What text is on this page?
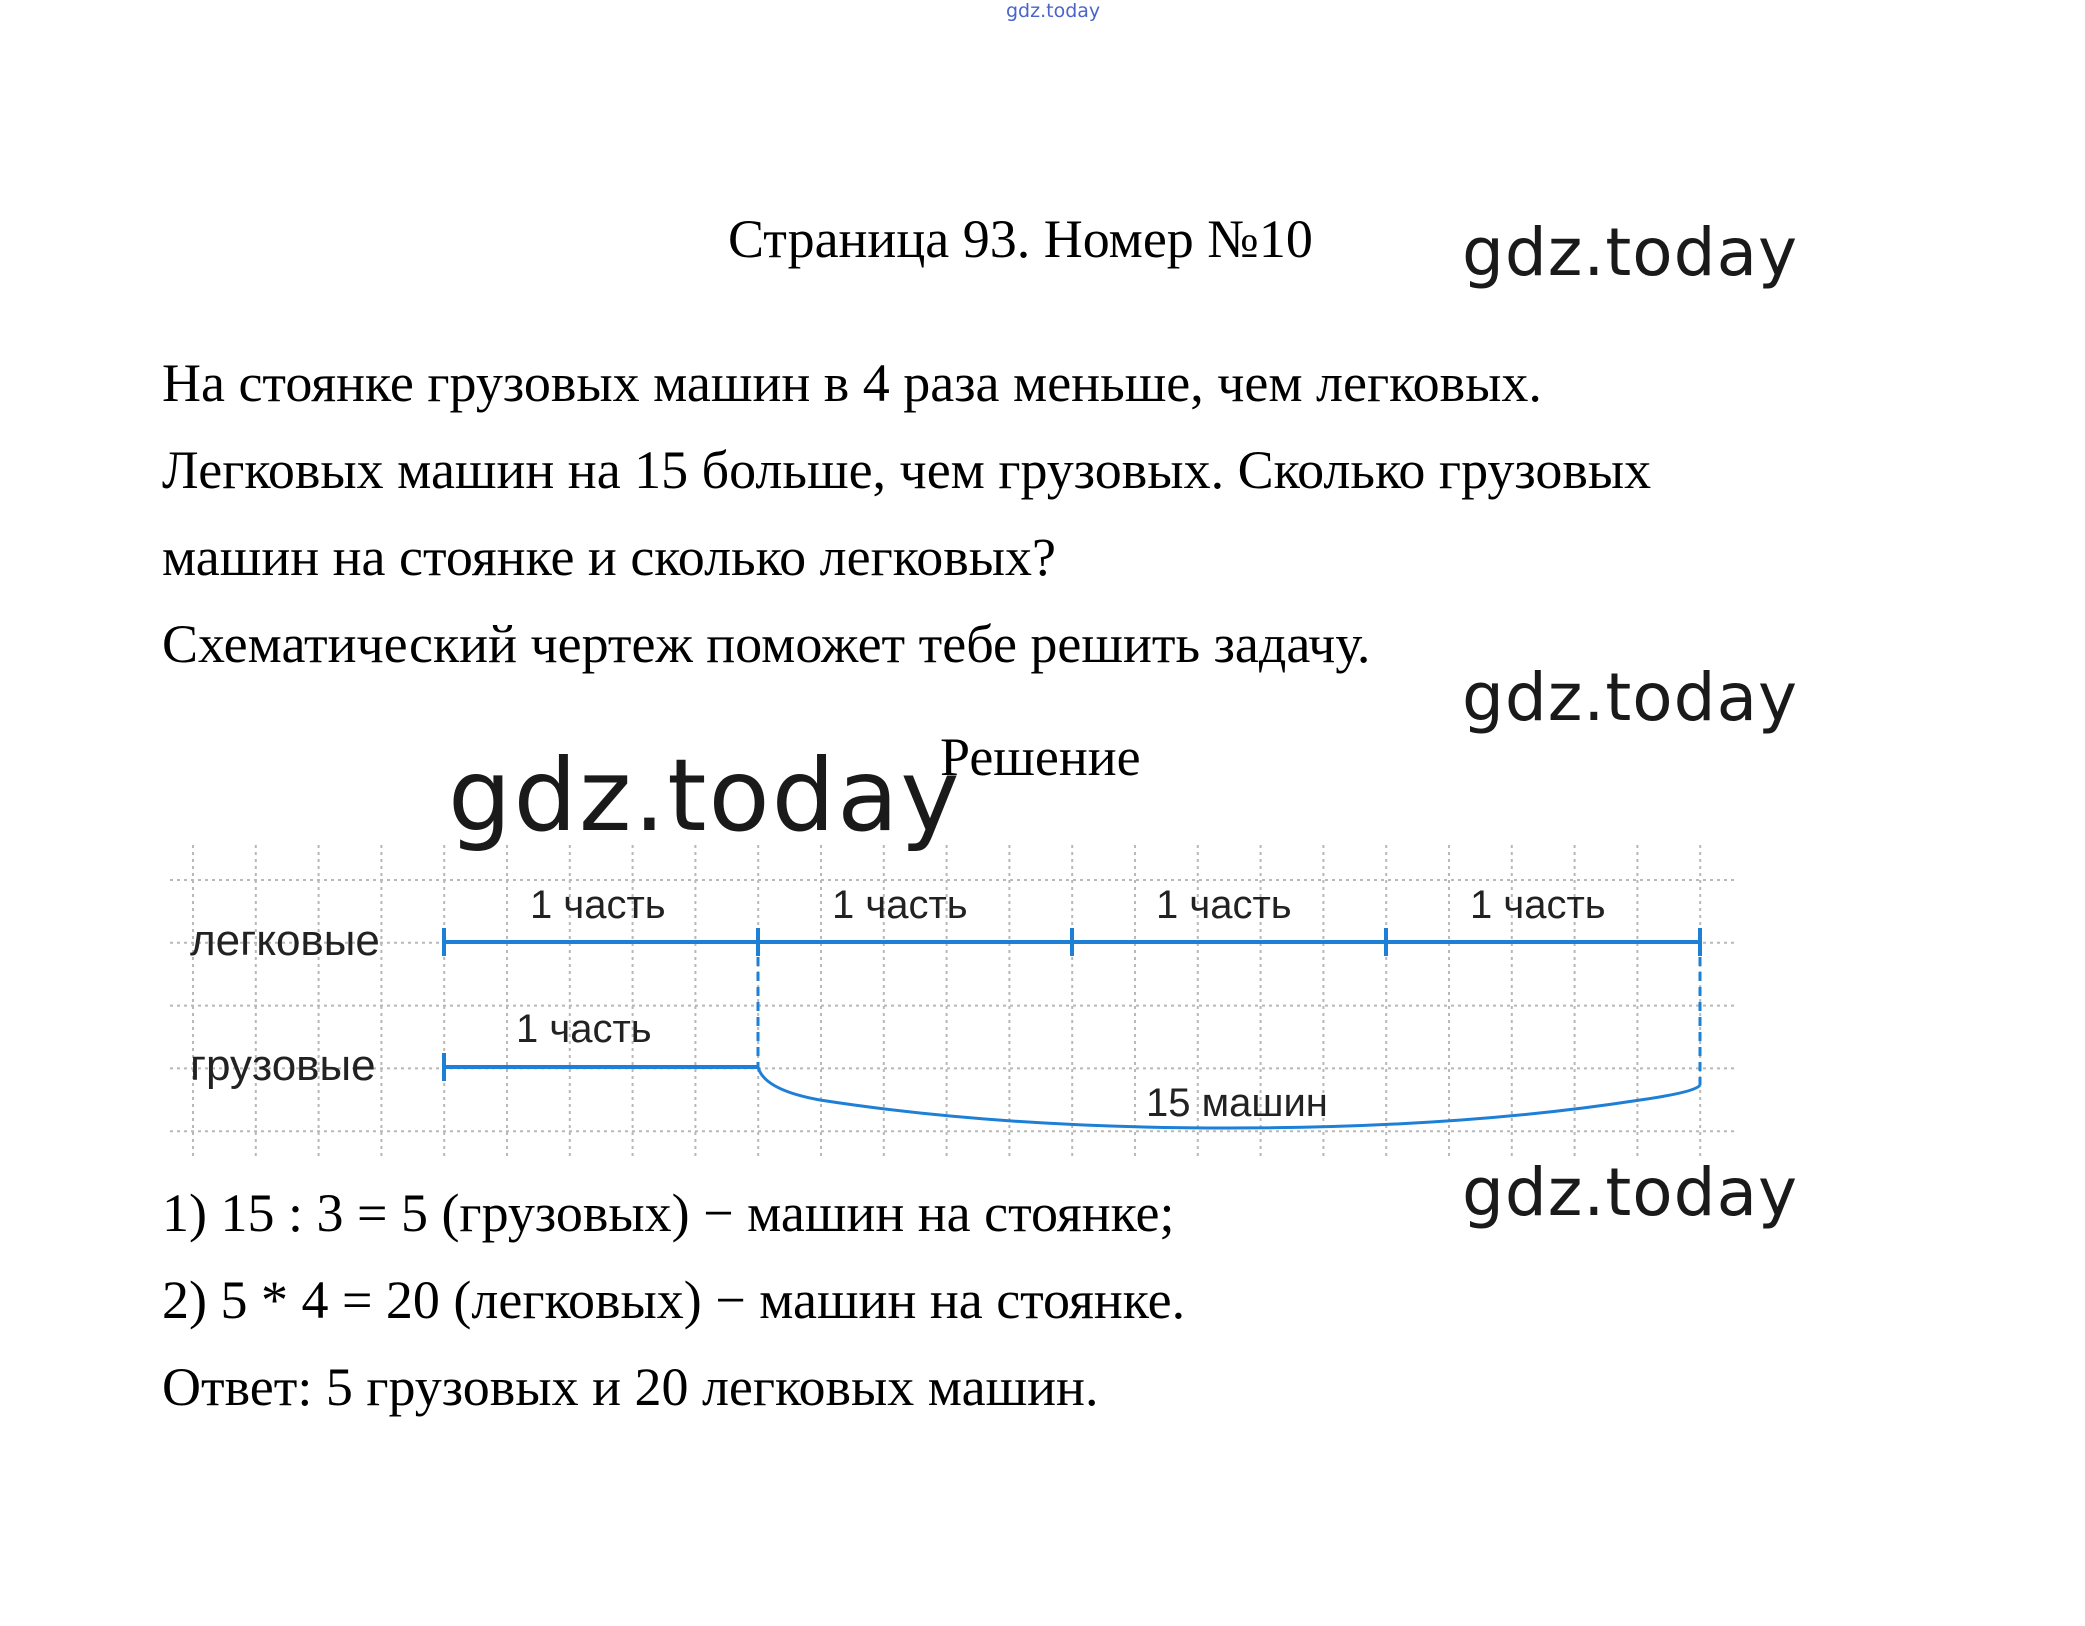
gdz.today
Страница 93. Номер №10 gdz.today
На стоянке грузовых машин в 4 раза меньше, чем легковых.
Легковых машин на 15 больше, чем грузовых. Сколько грузовых
машин на стоянке и сколько легковых?
Схематический чертеж поможет тебе решить задачу.
gdz.today
gdz.today
Решение
легковые
грузовые
1 часть	1 часть	1 часть	1 часть
1 часть
15 машин
1) 15 : 3 = 5 (грузовых) − машин на стоянке;
2) 5 * 4 = 20 (легковых) − машин на стоянке.
Ответ: 5 грузовых и 20 легковых машин.
gdz.today
